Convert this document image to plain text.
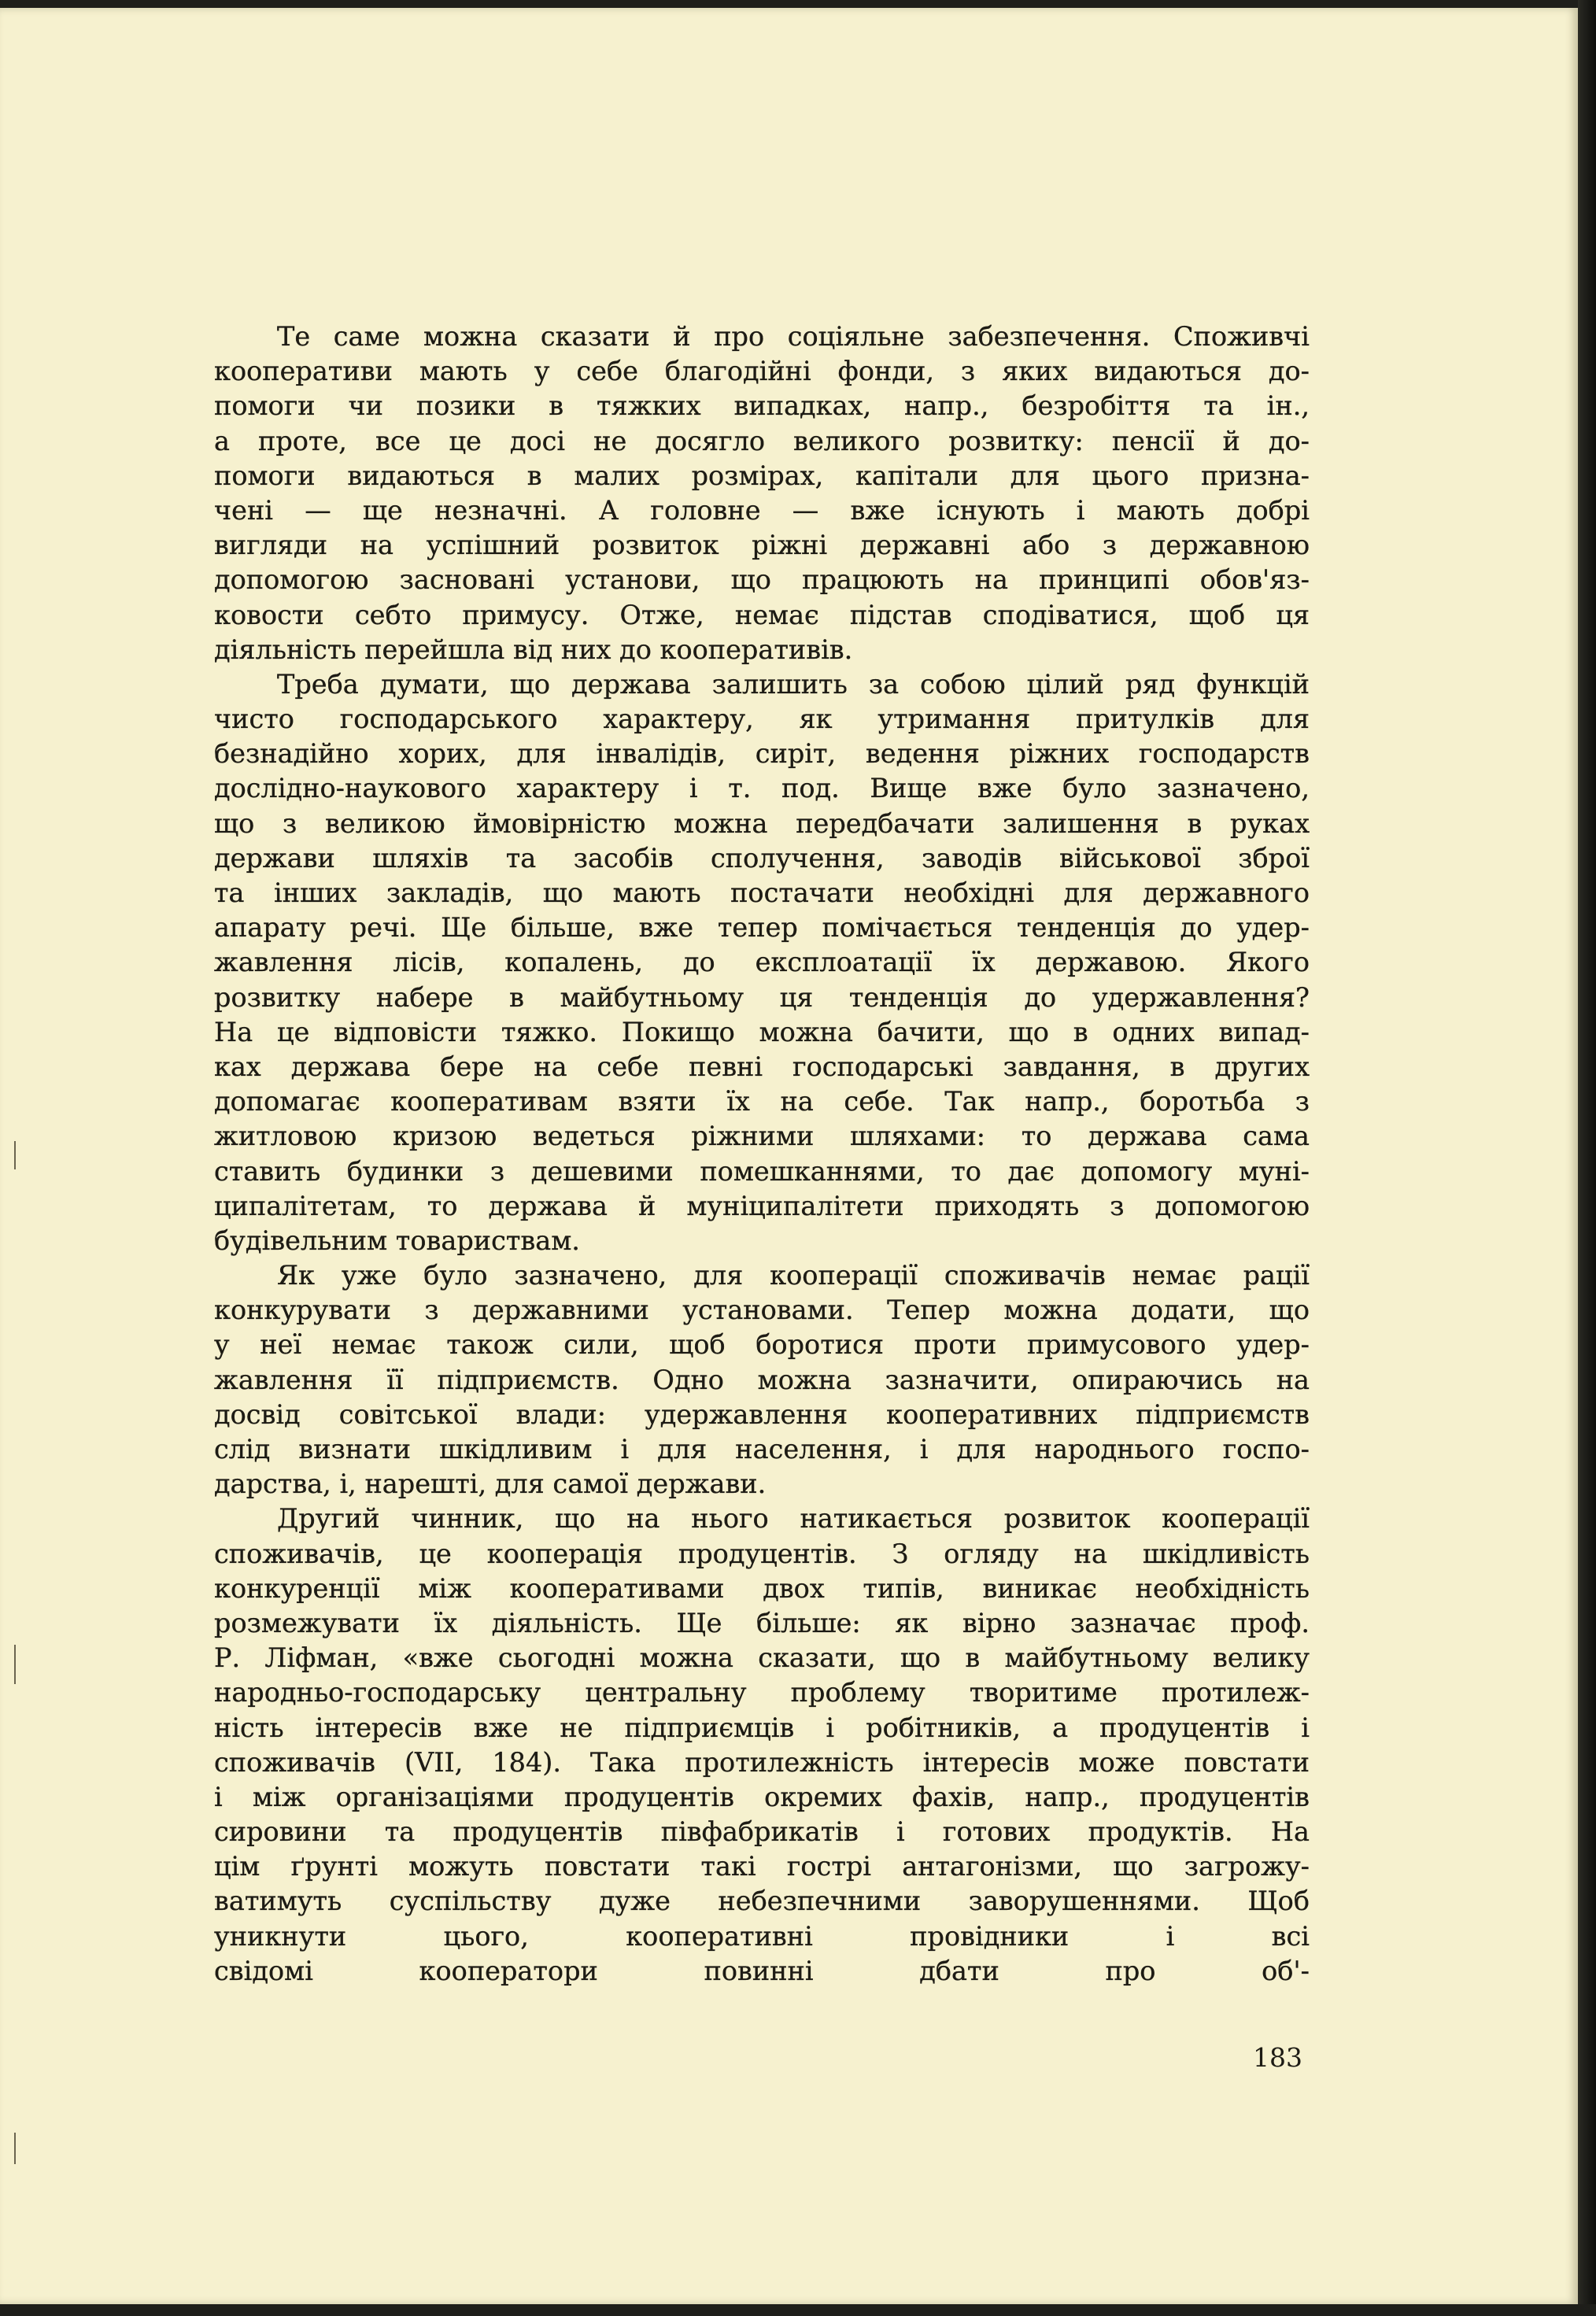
Те саме можна сказати й про соціяльне забезпечення. Споживчі
кооперативи мають у себе благодійні фонди, з яких видаються до-
помоги чи позики в тяжких випадках, напр., безробіття та ін.,
а проте, все це досі не досягло великого розвитку: пенсії й до-
помоги видаються в малих розмірах, капітали для цього призна-
чені — ще незначні. А головне — вже існують і мають добрі
вигляди на успішний розвиток ріжні державні або з державною
допомогою засновані установи, що працюють на принципі обов'яз-
ковости себто примусу. Отже, немає підстав сподіватися, щоб ця
діяльність перейшла від них до кооперативів.
Треба думати, що держава залишить за собою цілий ряд функцій
чисто господарського характеру, як утримання притулків для
безнадійно хорих, для інвалідів, сиріт, ведення ріжних господарств
дослідно-наукового характеру і т. под. Вище вже було зазначено,
що з великою ймовірністю можна передбачати залишення в руках
держави шляхів та засобів сполучення, заводів військової зброї
та інших закладів, що мають постачати необхідні для державного
апарату речі. Ще більше, вже тепер помічається тенденція до удер-
жавлення лісів, копалень, до експлоатації їх державою. Якого
розвитку набере в майбутньому ця тенденція до удержавлення?
На це відповісти тяжко. Покищо можна бачити, що в одних випад-
ках держава бере на себе певні господарські завдання, в других
допомагає кооперативам взяти їх на себе. Так напр., боротьба з
житловою кризою ведеться ріжними шляхами: то держава сама
ставить будинки з дешевими помешканнями, то дає допомогу муні-
ципалітетам, то держава й муніципалітети приходять з допомогою
будівельним товариствам.
Як уже було зазначено, для кооперації споживачів немає рації
конкурувати з державними установами. Тепер можна додати, що
у неї немає також сили, щоб боротися проти примусового удер-
жавлення її підприємств. Одно можна зазначити, опираючись на
досвід совітської влади: удержавлення кооперативних підприємств
слід визнати шкідливим і для населення, і для народнього госпо-
дарства, і, нарешті, для самої держави.
Другий чинник, що на нього натикається розвиток кооперації
споживачів, це кооперація продуцентів. З огляду на шкідливість
конкуренції між кооперативами двох типів, виникає необхідність
розмежувати їх діяльність. Ще більше: як вірно зазначає проф.
Р. Ліфман, «вже сьогодні можна сказати, що в майбутньому велику
народньо-господарську центральну проблему творитиме протилеж-
ність інтересів вже не підприємців і робітників, а продуцентів і
споживачів (VII, 184). Така протилежність інтересів може повстати
і між організаціями продуцентів окремих фахів, напр., продуцентів
сировини та продуцентів півфабрикатів і готових продуктів. На
цім ґрунті можуть повстати такі гострі антагонізми, що загрожу-
ватимуть суспільству дуже небезпечними заворушеннями. Щоб
уникнути цього, кооперативні провідники і всі
свідомі кооператори повинні дбати про об'-
183
